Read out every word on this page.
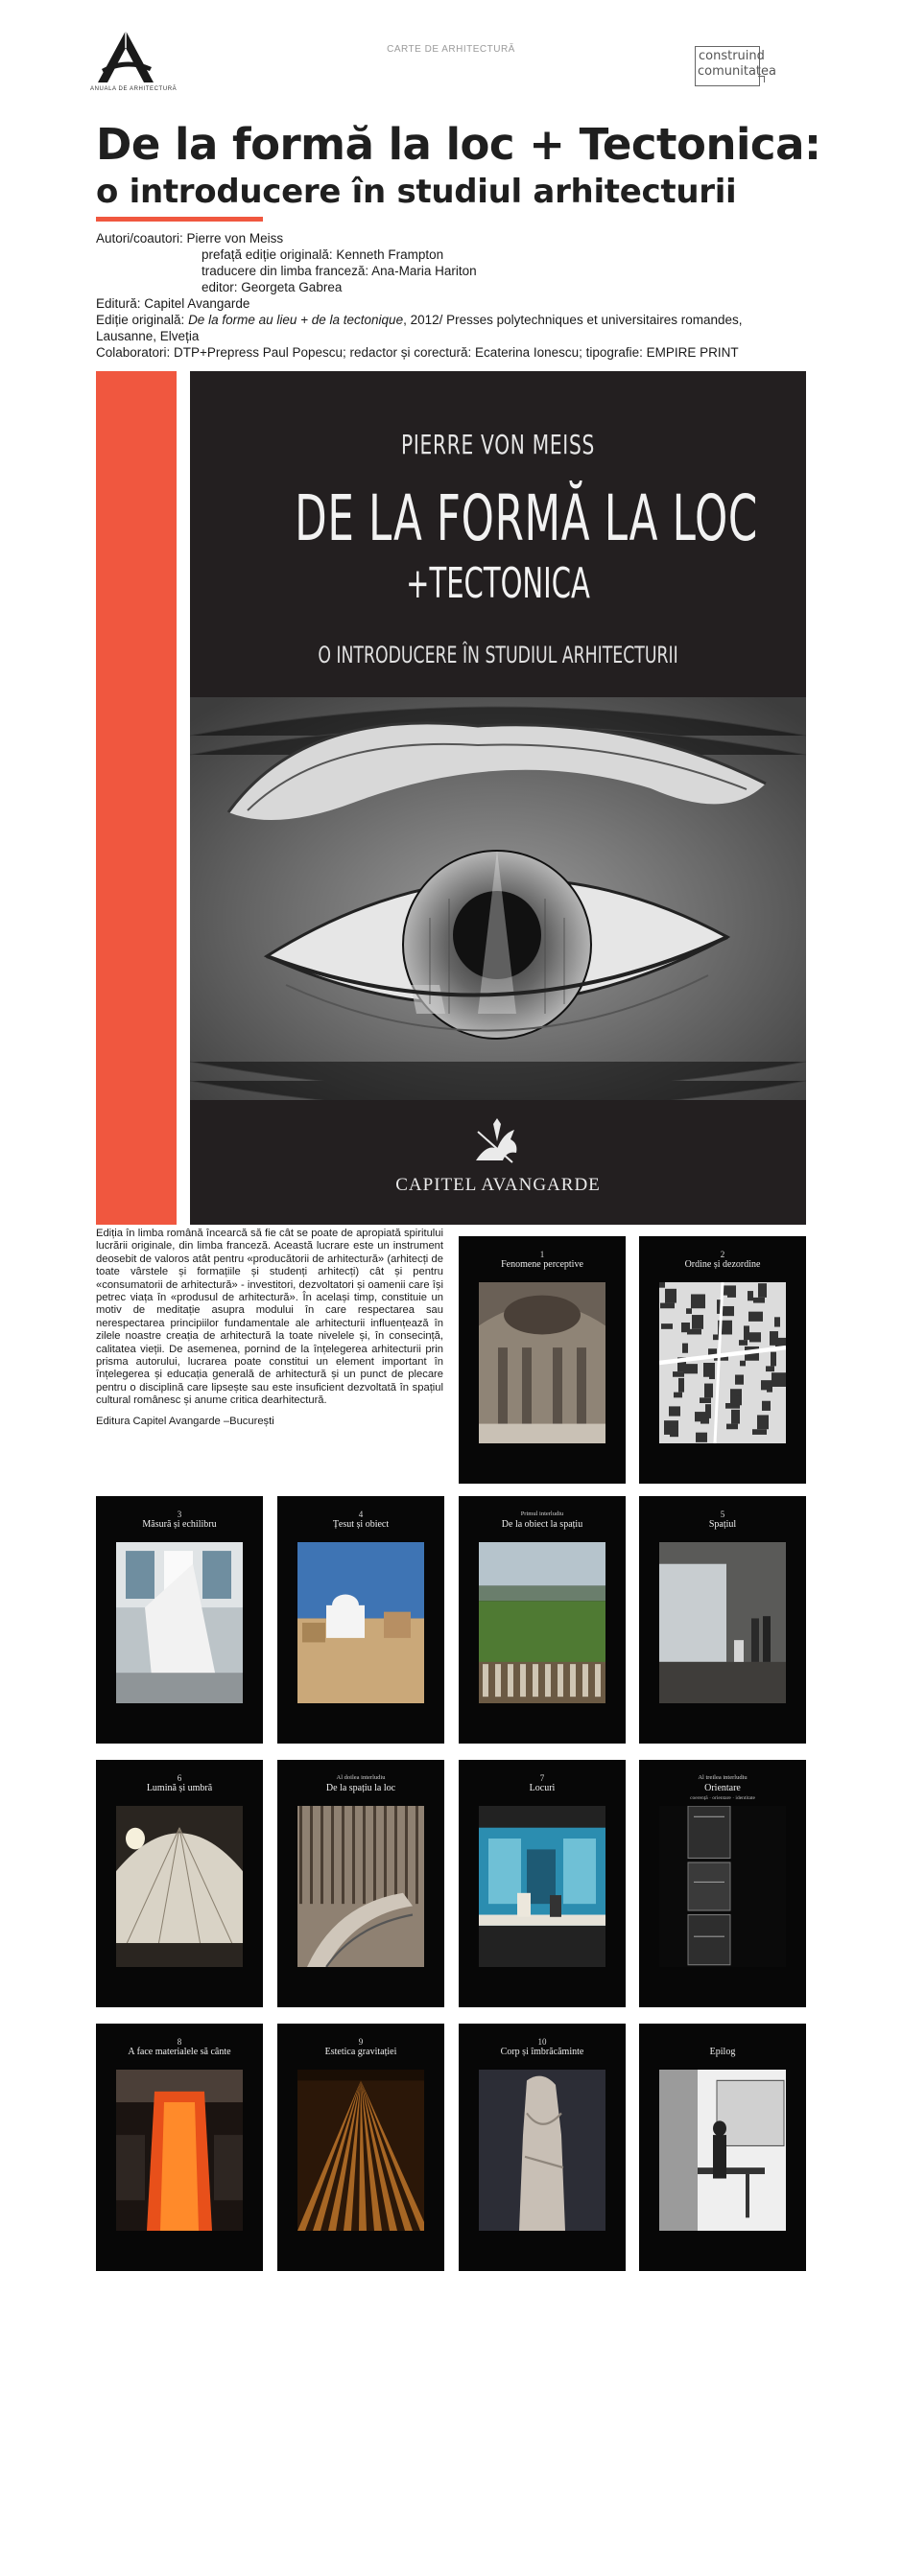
ANUALA DE ARHITECTURĂ
CARTE DE ARHITECTURĂ	construind
comunitatea
De la formă la loc + Tectonica:
o introducere în studiul arhitecturii
Autori/coautori: Pierre von Meiss
prefață ediție originală: Kenneth Frampton
traducere din limba franceză: Ana-Maria Hariton
editor: Georgeta Gabrea
Editură: Capitel Avangarde
Ediție originală: De la forme au lieu + de la tectonique, 2012/ Presses polytechniques et universitaires romandes, Lausanne, Elveția
Colaboratori: DTP+Prepress Paul Popescu; redactor și corectură: Ecaterina Ionescu; tipografie: EMPIRE PRINT
PIERRE VON MEISS
DE LA FORMĂ LA LOC
+TECTONICA
O INTRODUCERE ÎN STUDIUL ARHITECTURII
CAPITEL AVANGARDE

Ediția în limba română încearcă să fie cât se poate de apropiată spiritului lucrării originale, din limba franceză. Această lucrare este un instrument deosebit de valoros atât pentru «producătorii de arhitectură» (arhitecți de toate vârstele și formațiile și studenți arhitecți) cât și pentru «consumatorii de arhitectură» - investitori, dezvoltatori și oamenii care își petrec viața în «produsul de arhitectură». În același timp, constituie un motiv de meditație asupra modului în care respectarea sau nerespectarea principiilor fundamentale ale arhitecturii influențează în zilele noastre creația de arhitectură la toate nivelele și, în consecință, calitatea vieții. De asemenea, pornind de la înțelegerea arhitecturii prin prisma autorului, lucrarea poate constitui un element important în înțelegerea și educația generală de arhitectură și un punct de plecare pentru o disciplină care lipsește sau este insuficient dezvoltată în spațiul cultural românesc și anume critica dearhitectură.

Editura Capitel Avangarde –București

1
Fenomene perceptive
2
Ordine și dezordine
3
Măsură și echilibru
4
Țesut și obiect
Primul interludiu
De la obiect la spațiu
5
Spațiul
6
Lumină și umbră
Al doilea interludiu
De la spațiu la loc
7
Locuri
Al treilea interludiu
Orientare
coerență · orientare · identitate
8
A face materialele să cânte
9
Estetica gravitației
10
Corp și îmbrăcăminte	Epilog
